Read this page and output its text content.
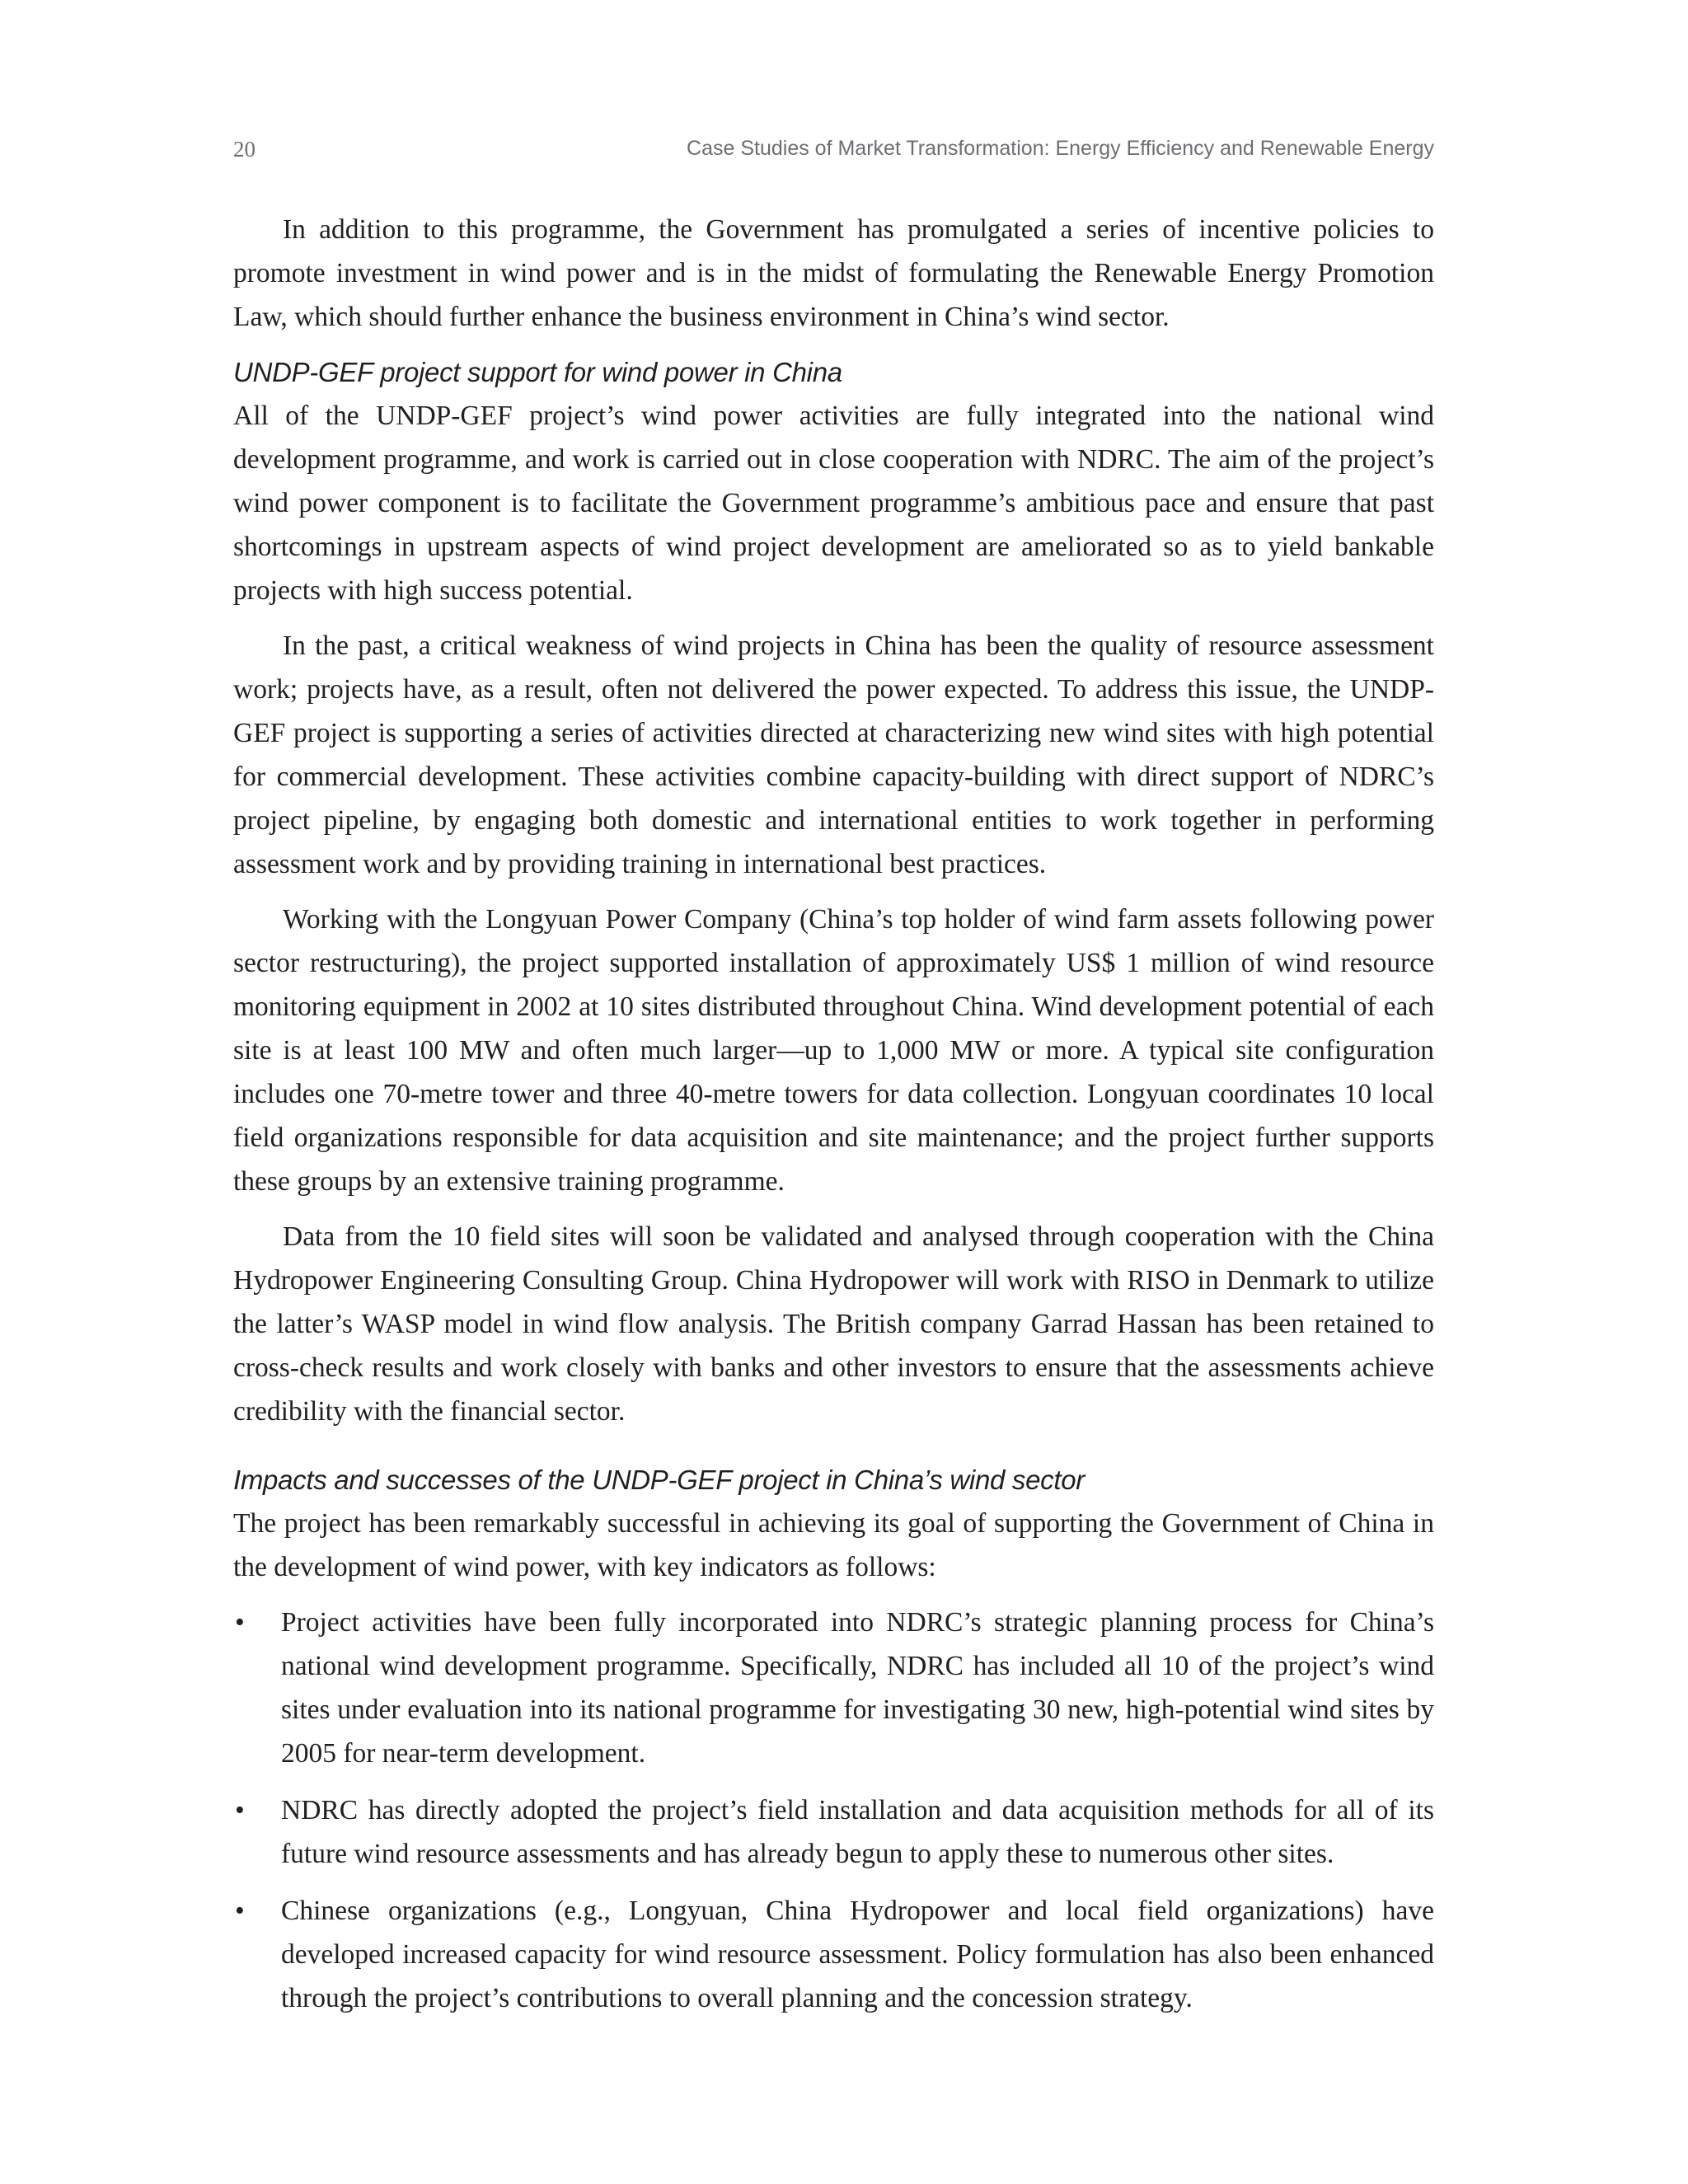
20	Case Studies of Market Transformation: Energy Efficiency and Renewable Energy

In addition to this programme, the Government has promulgated a series of incentive policies to promote investment in wind power and is in the midst of formulating the Renewable Energy Promotion Law, which should further enhance the business environment in China’s wind sector.

UNDP-GEF project support for wind power in China

All of the UNDP-GEF project’s wind power activities are fully integrated into the national wind development programme, and work is carried out in close cooperation with NDRC. The aim of the project’s wind power component is to facilitate the Government programme’s ambitious pace and ensure that past shortcomings in upstream aspects of wind project development are ameliorated so as to yield bankable projects with high success potential.

In the past, a critical weakness of wind projects in China has been the quality of resource assessment work; projects have, as a result, often not delivered the power expected. To address this issue, the UNDP-GEF project is supporting a series of activities directed at characterizing new wind sites with high potential for commercial development. These activities combine capacity-building with direct support of NDRC’s project pipeline, by engaging both domestic and international entities to work together in performing assessment work and by providing training in international best practices.

Working with the Longyuan Power Company (China’s top holder of wind farm assets following power sector restructuring), the project supported installation of approximately US$ 1 million of wind resource monitoring equipment in 2002 at 10 sites distributed throughout China. Wind development potential of each site is at least 100 MW and often much larger—up to 1,000 MW or more. A typical site configuration includes one 70-metre tower and three 40-metre towers for data collection. Longyuan coordinates 10 local field organizations responsible for data acquisition and site maintenance; and the project further supports these groups by an extensive training programme.

Data from the 10 field sites will soon be validated and analysed through cooperation with the China Hydropower Engineering Consulting Group. China Hydropower will work with RISO in Denmark to utilize the latter’s WASP model in wind flow analysis. The British company Garrad Hassan has been retained to cross-check results and work closely with banks and other investors to ensure that the assessments achieve credibility with the financial sector.

Impacts and successes of the UNDP-GEF project in China’s wind sector

The project has been remarkably successful in achieving its goal of supporting the Government of China in the development of wind power, with key indicators as follows:

• Project activities have been fully incorporated into NDRC’s strategic planning process for China’s national wind development programme. Specifically, NDRC has included all 10 of the project’s wind sites under evaluation into its national programme for investigating 30 new, high-potential wind sites by 2005 for near-term development.
• NDRC has directly adopted the project’s field installation and data acquisition methods for all of its future wind resource assessments and has already begun to apply these to numerous other sites.
• Chinese organizations (e.g., Longyuan, China Hydropower and local field organizations) have developed increased capacity for wind resource assessment. Policy formulation has also been enhanced through the project’s contributions to overall planning and the concession strategy.
